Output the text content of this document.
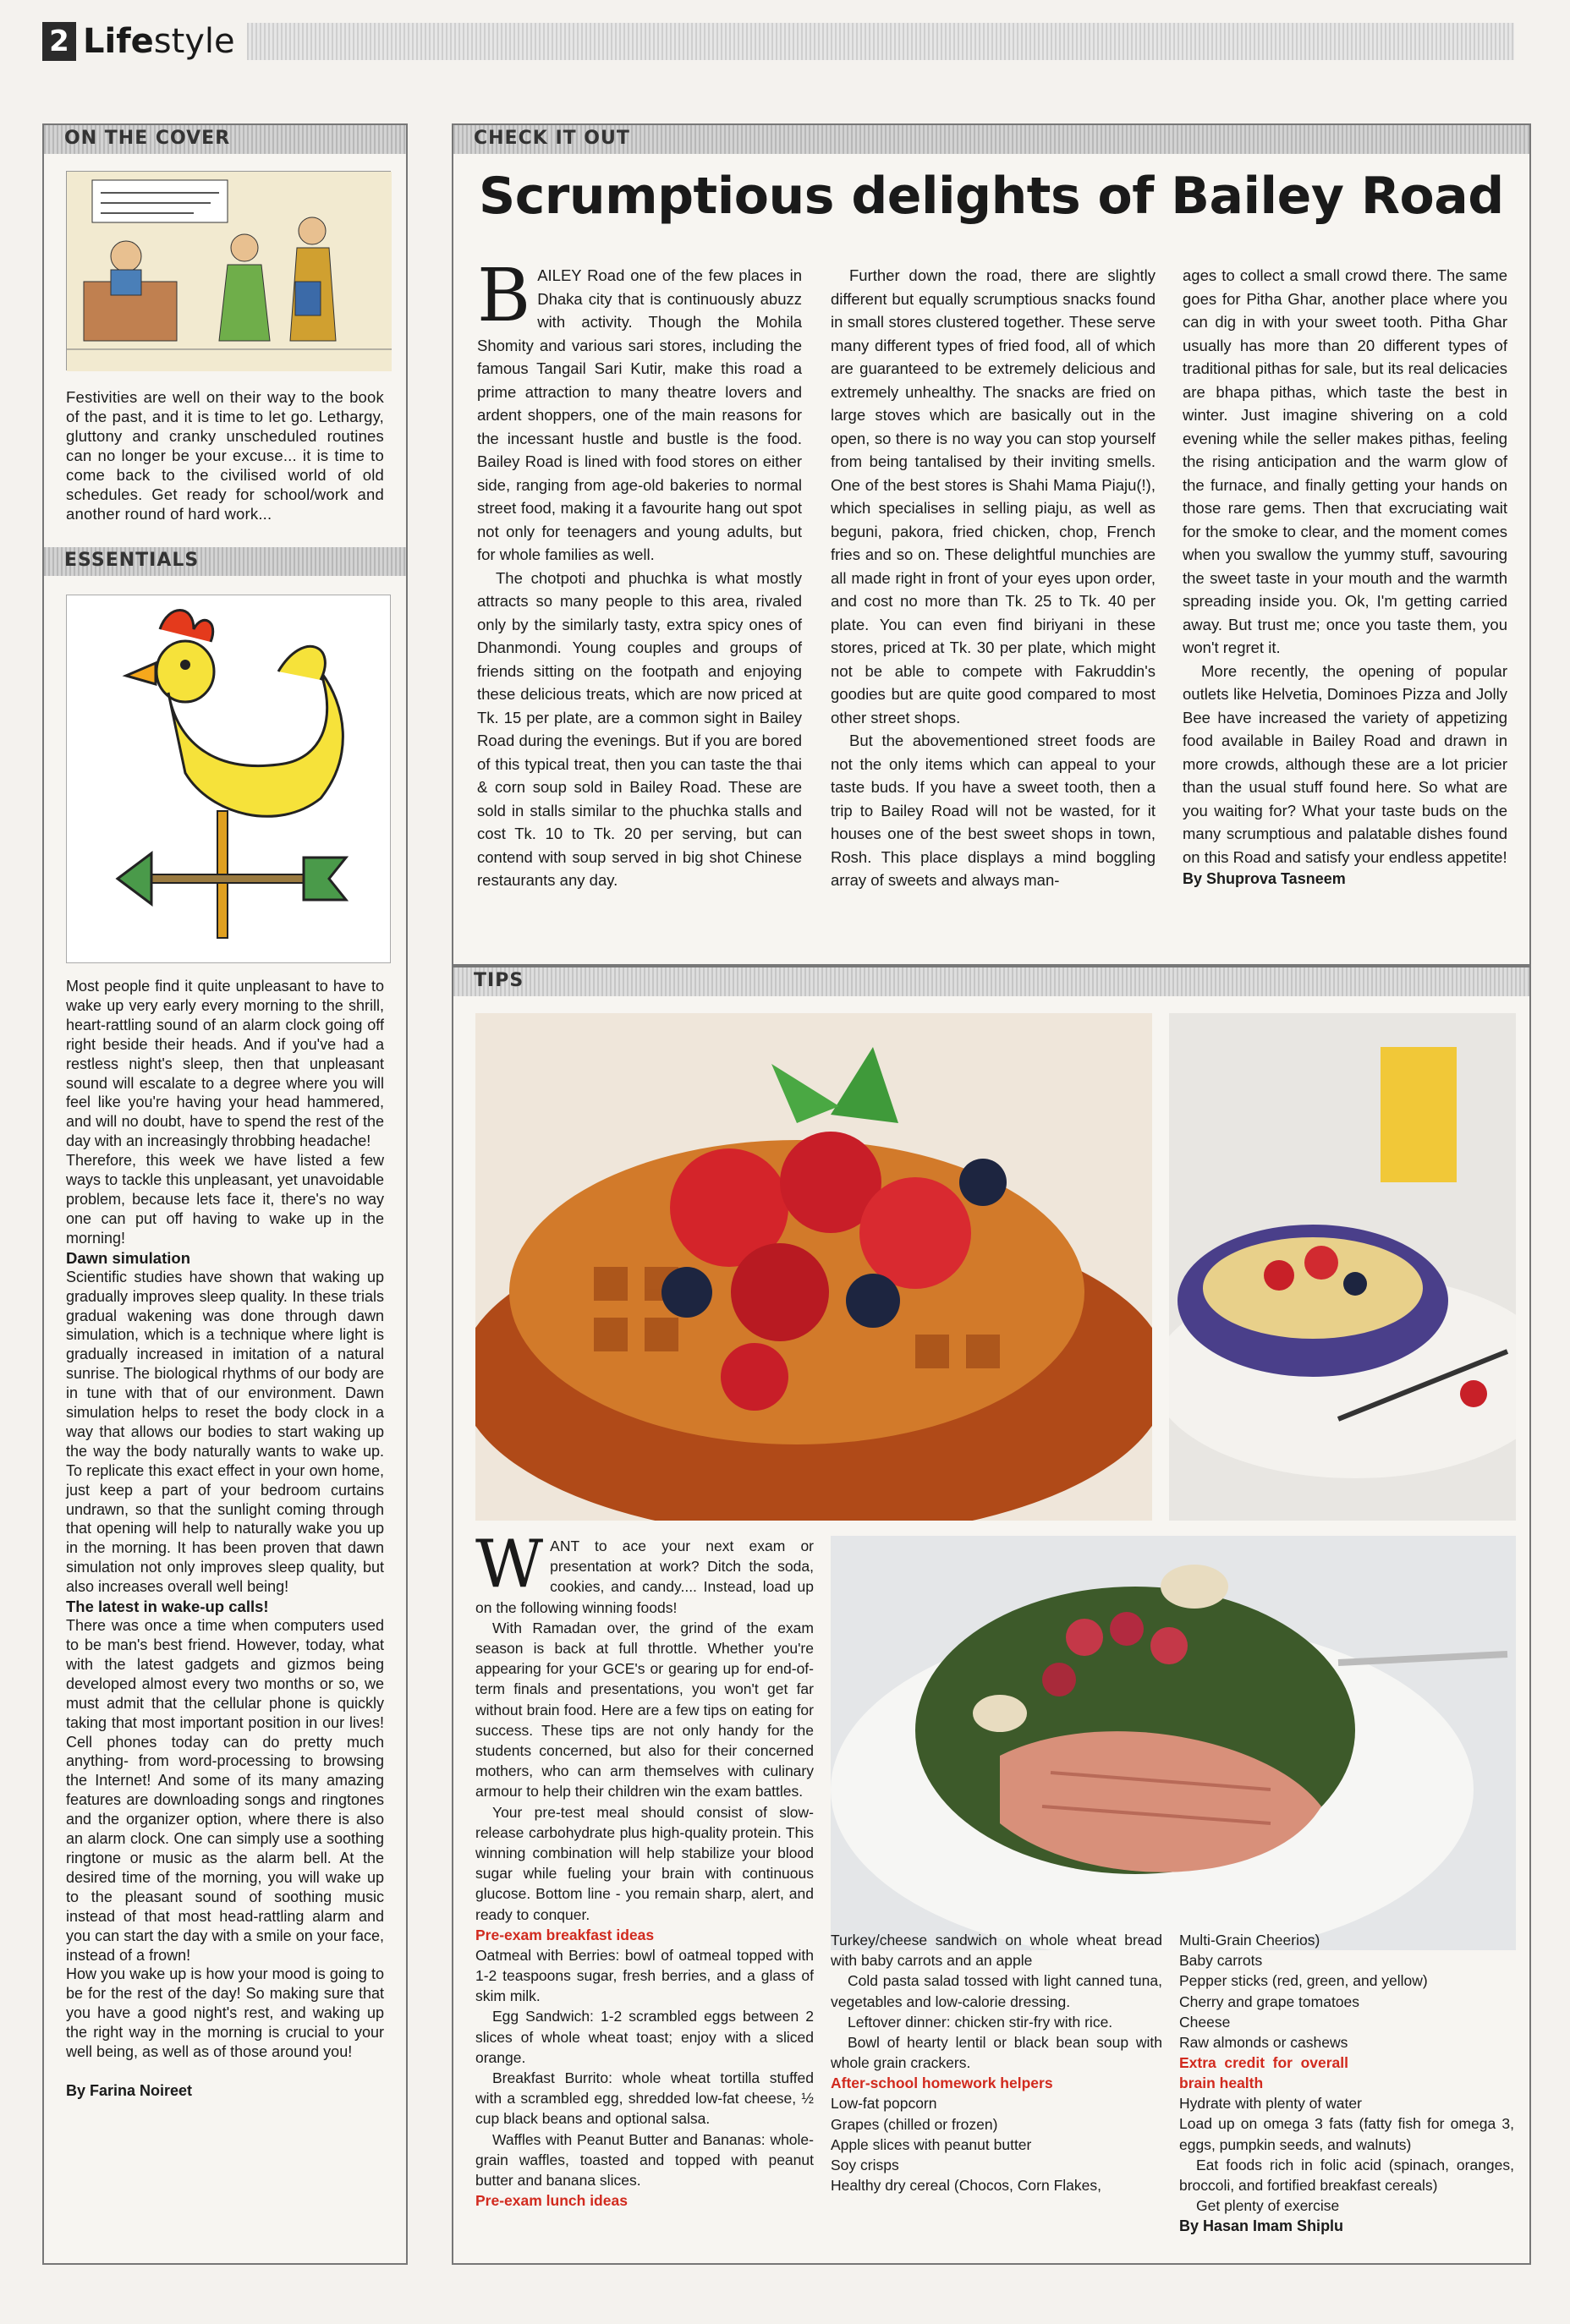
2 Lifestyle
ON THE COVER
Festivities are well on their way to the book of the past, and it is time to let go. Lethargy, gluttony and cranky unscheduled routines can no longer be your excuse... it is time to come back to the civilised world of old schedules. Get ready for school/work and another round of hard work...
ESSENTIALS

Most people find it quite unpleasant to have to wake up very early every morning to the shrill, heart-rattling sound of an alarm clock going off right beside their heads. And if you've had a restless night's sleep, then that unpleasant sound will escalate to a degree where you will feel like you're having your head hammered, and will no doubt, have to spend the rest of the day with an increasingly throbbing headache!

Therefore, this week we have listed a few ways to tackle this unpleasant, yet unavoidable problem, because lets face it, there's no way one can put off having to wake up in the morning!

Dawn simulation

Scientific studies have shown that waking up gradually improves sleep quality. In these trials gradual wakening was done through dawn simulation, which is a technique where light is gradually increased in imitation of a natural sunrise. The biological rhythms of our body are in tune with that of our environment. Dawn simulation helps to reset the body clock in a way that allows our bodies to start waking up the way the body naturally wants to wake up. To replicate this exact effect in your own home, just keep a part of your bedroom curtains undrawn, so that the sunlight coming through that opening will help to naturally wake you up in the morning. It has been proven that dawn simulation not only improves sleep quality, but also increases overall well being!

The latest in wake-up calls!

There was once a time when computers used to be man's best friend. However, today, what with the latest gadgets and gizmos being developed almost every two months or so, we must admit that the cellular phone is quickly taking that most important position in our lives! Cell phones today can do pretty much anything- from word-processing to browsing the Internet! And some of its many amazing features are downloading songs and ringtones and the organizer option, where there is also an alarm clock. One can simply use a soothing ringtone or music as the alarm bell. At the desired time of the morning, you will wake up to the pleasant sound of soothing music instead of that most head-rattling alarm and you can start the day with a smile on your face, instead of a frown!

How you wake up is how your mood is going to be for the rest of the day! So making sure that you have a good night's rest, and waking up the right way in the morning is crucial to your well being, as well as of those around you!

By Farina Noireet

CHECK IT OUT
Scrumptious delights of Bailey Road

BAILEY Road one of the few places in Dhaka city that is continuously abuzz with activity. Though the Mohila Shomity and various sari stores, including the famous Tangail Sari Kutir, make this road a prime attraction to many theatre lovers and ardent shoppers, one of the main reasons for the incessant hustle and bustle is the food. Bailey Road is lined with food stores on either side, ranging from age-old bakeries to normal street food, making it a favourite hang out spot not only for teenagers and young adults, but for whole families as well.

The chotpoti and phuchka is what mostly attracts so many people to this area, rivaled only by the similarly tasty, extra spicy ones of Dhanmondi. Young couples and groups of friends sitting on the footpath and enjoying these delicious treats, which are now priced at Tk. 15 per plate, are a common sight in Bailey Road during the evenings. But if you are bored of this typical treat, then you can taste the thai & corn soup sold in Bailey Road. These are sold in stalls similar to the phuchka stalls and cost Tk. 10 to Tk. 20 per serving, but can contend with soup served in big shot Chinese restaurants any day.

Further down the road, there are slightly different but equally scrumptious snacks found in small stores clustered together. These serve many different types of fried food, all of which are guaranteed to be extremely delicious and extremely unhealthy. The snacks are fried on large stoves which are basically out in the open, so there is no way you can stop yourself from being tantalised by their inviting smells. One of the best stores is Shahi Mama Piaju(!), which specialises in selling piaju, as well as beguni, pakora, fried chicken, chop, French fries and so on. These delightful munchies are all made right in front of your eyes upon order, and cost no more than Tk. 25 to Tk. 40 per plate. You can even find biriyani in these stores, priced at Tk. 30 per plate, which might not be able to compete with Fakruddin's goodies but are quite good compared to most other street shops.

But the abovementioned street foods are not the only items which can appeal to your taste buds. If you have a sweet tooth, then a trip to Bailey Road will not be wasted, for it houses one of the best sweet shops in town, Rosh. This place displays a mind boggling array of sweets and always man-

ages to collect a small crowd there. The same goes for Pitha Ghar, another place where you can dig in with your sweet tooth. Pitha Ghar usually has more than 20 different types of traditional pithas for sale, but its real delicacies are bhapa pithas, which taste the best in winter. Just imagine shivering on a cold evening while the seller makes pithas, feeling the rising anticipation and the warm glow of the furnace, and finally getting your hands on those rare gems. Then that excruciating wait for the smoke to clear, and the moment comes when you swallow the yummy stuff, savouring the sweet taste in your mouth and the warmth spreading inside you. Ok, I'm getting carried away. But trust me; once you taste them, you won't regret it.

More recently, the opening of popular outlets like Helvetia, Dominoes Pizza and Jolly Bee have increased the variety of appetizing food available in Bailey Road and drawn in more crowds, although these are a lot pricier than the usual stuff found here. So what are you waiting for? What your taste buds on the many scrumptious and palatable dishes found on this Road and satisfy your endless appetite!

By Shuprova Tasneem

TIPS

WANT to ace your next exam or presentation at work? Ditch the soda, cookies, and candy.... Instead, load up on the following winning foods!

With Ramadan over, the grind of the exam season is back at full throttle. Whether you're appearing for your GCE's or gearing up for end-of-term finals and presentations, you won't get far without brain food. Here are a few tips on eating for success. These tips are not only handy for the students concerned, but also for their concerned mothers, who can arm themselves with culinary armour to help their children win the exam battles.

Your pre-test meal should consist of slow-release carbohydrate plus high-quality protein. This winning combination will help stabilize your blood sugar while fueling your brain with continuous glucose. Bottom line - you remain sharp, alert, and ready to conquer.

Pre-exam breakfast ideas

Oatmeal with Berries: bowl of oatmeal topped with 1-2 teaspoons sugar, fresh berries, and a glass of skim milk.

Egg Sandwich: 1-2 scrambled eggs between 2 slices of whole wheat toast; enjoy with a sliced orange.

Breakfast Burrito: whole wheat tortilla stuffed with a scrambled egg, shredded low-fat cheese, ½ cup black beans and optional salsa.

Waffles with Peanut Butter and Bananas: whole-grain waffles, toasted and topped with peanut butter and banana slices.

Pre-exam lunch ideas

Turkey/cheese sandwich on whole wheat bread with baby carrots and an apple

Cold pasta salad tossed with light canned tuna, vegetables and low-calorie dressing.

Leftover dinner: chicken stir-fry with rice.

Bowl of hearty lentil or black bean soup with whole grain crackers.

After-school homework helpers

Low-fat popcorn

Grapes (chilled or frozen)

Apple slices with peanut butter

Soy crisps

Healthy dry cereal (Chocos, Corn Flakes,

Multi-Grain Cheerios)

Baby carrots

Pepper sticks (red, green, and yellow)

Cherry and grape tomatoes

Cheese

Raw almonds or cashews

Extra credit for overall brain health

Hydrate with plenty of water

Load up on omega 3 fats (fatty fish for omega 3, eggs, pumpkin seeds, and walnuts)

Eat foods rich in folic acid (spinach, oranges, broccoli, and fortified breakfast cereals)

Get plenty of exercise

By Hasan Imam Shiplu
